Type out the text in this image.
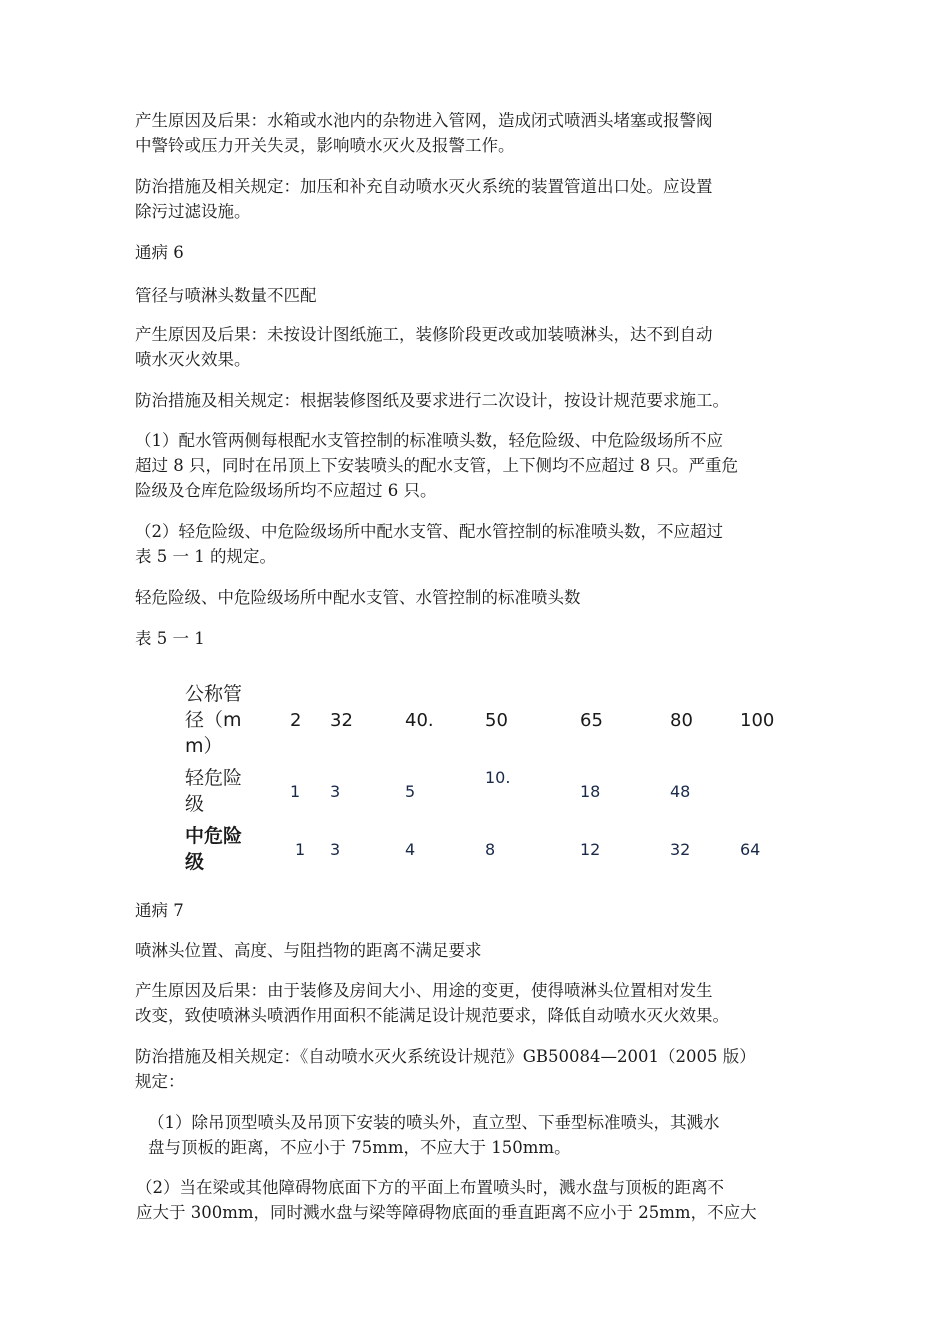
产生原因及后果：水箱或水池内的杂物进入管网，造成闭式喷洒头堵塞或报警阀
中警铃或压力开关失灵，影响喷水灭火及报警工作。

防治措施及相关规定：加压和补充自动喷水灭火系统的装置管道出口处。应设置
除污过滤设施。

通病 6

管径与喷淋头数量不匹配

产生原因及后果：未按设计图纸施工，装修阶段更改或加装喷淋头，达不到自动
喷水灭火效果。

防治措施及相关规定：根据装修图纸及要求进行二次设计，按设计规范要求施工。

（1）配水管两侧每根配水支管控制的标准喷头数，轻危险级、中危险级场所不应
超过 8 只，同时在吊顶上下安装喷头的配水支管，上下侧均不应超过 8 只。严重危
险级及仓库危险级场所均不应超过 6 只。

（2）轻危险级、中危险级场所中配水支管、配水管控制的标准喷头数，不应超过
表 5 一 1 的规定。

轻危险级、中危险级场所中配水支管、水管控制的标准喷头数

表 5 一 1

公称管
径（m
m）	2	32	40.	50	65	80	100
轻危险
级	1	3	5	10.	18	48	
中危险
级	1	3	4	8	12	32	64

通病 7

喷淋头位置、高度、与阻挡物的距离不满足要求

产生原因及后果：由于装修及房间大小、用途的变更，使得喷淋头位置相对发生
改变，致使喷淋头喷洒作用面积不能满足设计规范要求，降低自动喷水灭火效果。

防治措施及相关规定：《自动喷水灭火系统设计规范》GB50084—2001（2005 版）
规定：

（1）除吊顶型喷头及吊顶下安装的喷头外，直立型、下垂型标准喷头，其溅水
盘与顶板的距离，不应小于 75mm，不应大于 150mm。

（2）当在梁或其他障碍物底面下方的平面上布置喷头时，溅水盘与顶板的距离不
应大于 300mm，同时溅水盘与梁等障碍物底面的垂直距离不应小于 25mm，不应大
